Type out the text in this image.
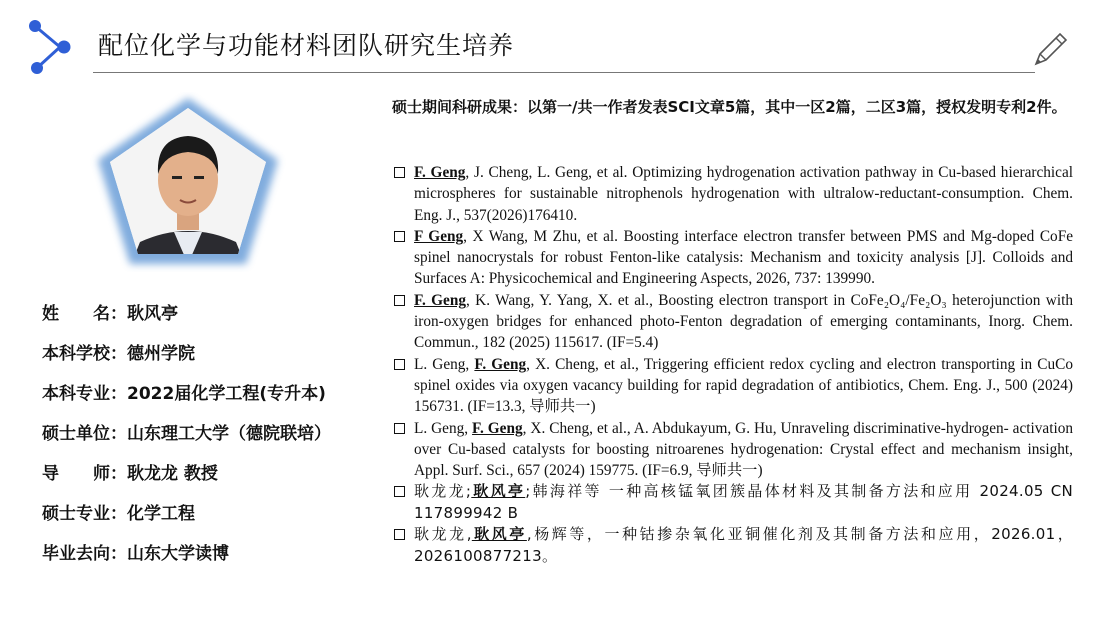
配位化学与功能材料团队研究生培养
姓　　名：耿风亭
本科学校：德州学院
本科专业：2022届化学工程(专升本)
硕士单位：山东理工大学（德院联培）
导　　师：耿龙龙 教授
硕士专业：化学工程
毕业去向：山东大学读博
硕士期间科研成果：以第一/共一作者发表SCI文章5篇，其中一区2篇，二区3篇，授权发明专利2件。
F. Geng, J. Cheng, L. Geng, et al. Optimizing hydrogenation activation pathway in Cu-based hierarchical microspheres for sustainable nitrophenols hydrogenation with ultralow-reductant-consumption. Chem. Eng. J., 537(2026)176410.
F Geng, X Wang, M Zhu, et al. Boosting interface electron transfer between PMS and Mg-doped CoFe spinel nanocrystals for robust Fenton-like catalysis: Mechanism and toxicity analysis [J]. Colloids and Surfaces A: Physicochemical and Engineering Aspects, 2026, 737: 139990.
F. Geng, K. Wang, Y. Yang, X. et al., Boosting electron transport in CoFe₂O₄/Fe₂O₃ heterojunction with iron-oxygen bridges for enhanced photo-Fenton degradation of emerging contaminants, Inorg. Chem. Commun., 182 (2025) 115617. (IF=5.4)
L. Geng, F. Geng, X. Cheng, et al., Triggering efficient redox cycling and electron transporting in CuCo spinel oxides via oxygen vacancy building for rapid degradation of antibiotics, Chem. Eng. J., 500 (2024) 156731. (IF=13.3, 导师共一)
L. Geng, F. Geng, X. Cheng, et al., A. Abdukayum, G. Hu, Unraveling discriminative-hydrogen- activation over Cu-based catalysts for boosting nitroarenes hydrogenation: Crystal effect and mechanism insight, Appl. Surf. Sci., 657 (2024) 159775. (IF=6.9, 导师共一)
耿龙龙;耿风亭;韩海祥等 一种高核锰氧团簇晶体材料及其制备方法和应用 2024.05 CN 117899942 B
耿龙龙,耿风亭,杨辉等，一种钴掺杂氧化亚铜催化剂及其制备方法和应用，2026.01，2026100877213。
